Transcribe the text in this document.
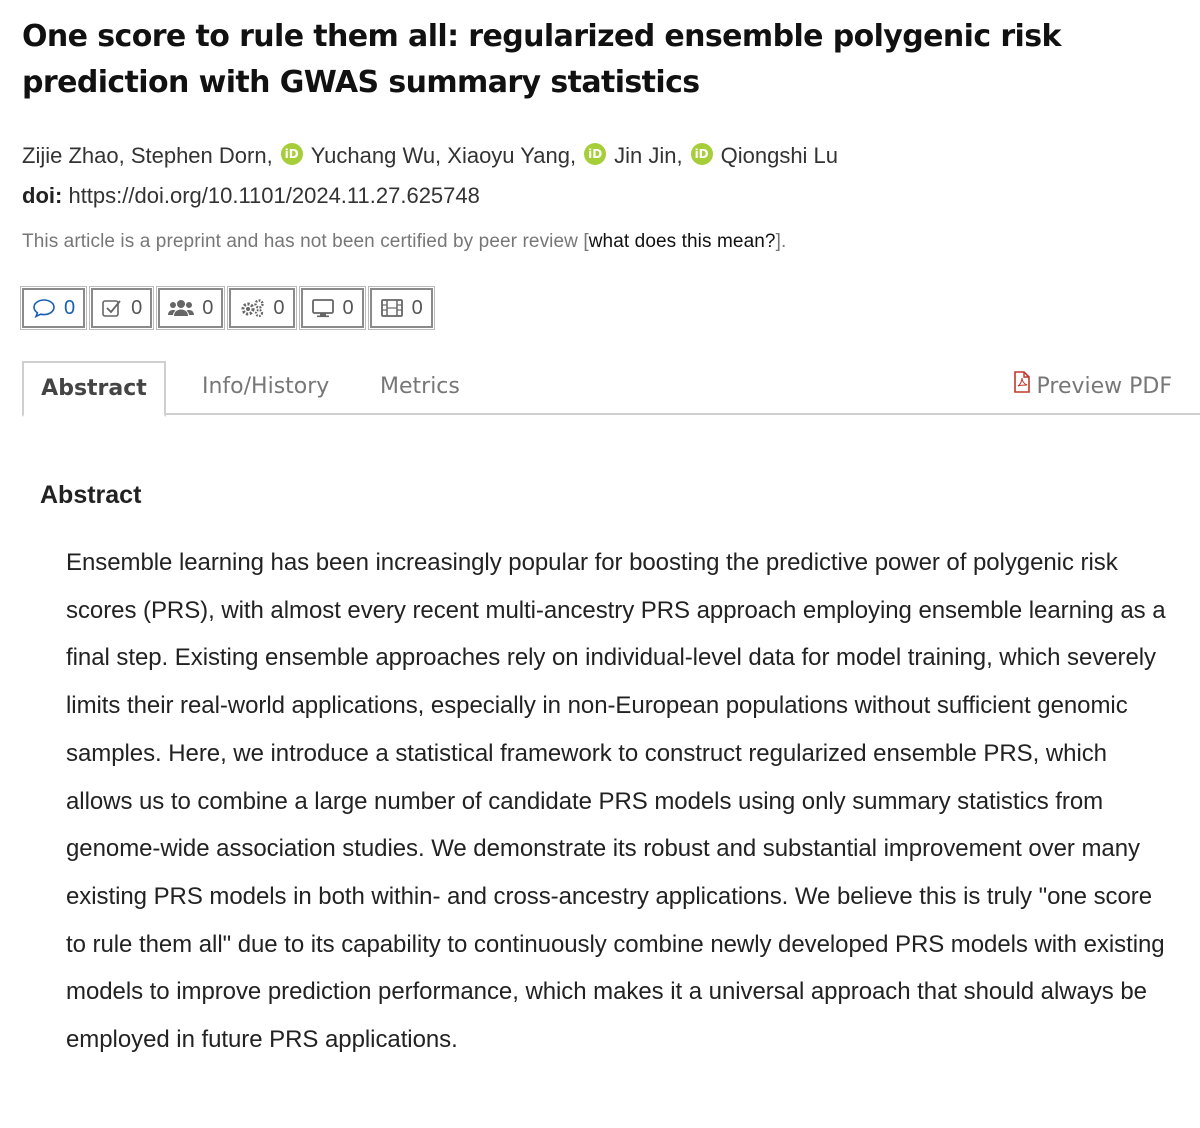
One score to rule them all: regularized ensemble polygenic risk prediction with GWAS summary statistics
Zijie Zhao, Stephen Dorn, iD Yuchang Wu, Xiaoyu Yang, iD Jin Jin, iD Qiongshi Lu
doi: https://doi.org/10.1101/2024.11.27.625748
This article is a preprint and has not been certified by peer review [what does this mean?].
0	0	0	0	0	0
Abstract	Info/History Metrics	Preview PDF
Abstract

Ensemble learning has been increasingly popular for boosting the predictive power of polygenic risk scores (PRS), with almost every recent multi-ancestry PRS approach employing ensemble learning as a final step. Existing ensemble approaches rely on individual-level data for model training, which severely limits their real-world applications, especially in non-European populations without sufficient genomic samples. Here, we introduce a statistical framework to construct regularized ensemble PRS, which allows us to combine a large number of candidate PRS models using only summary statistics from genome-wide association studies. We demonstrate its robust and substantial improvement over many existing PRS models in both within- and cross-ancestry applications. We believe this is truly "one score to rule them all" due to its capability to continuously combine newly developed PRS models with existing models to improve prediction performance, which makes it a universal approach that should always be employed in future PRS applications.
